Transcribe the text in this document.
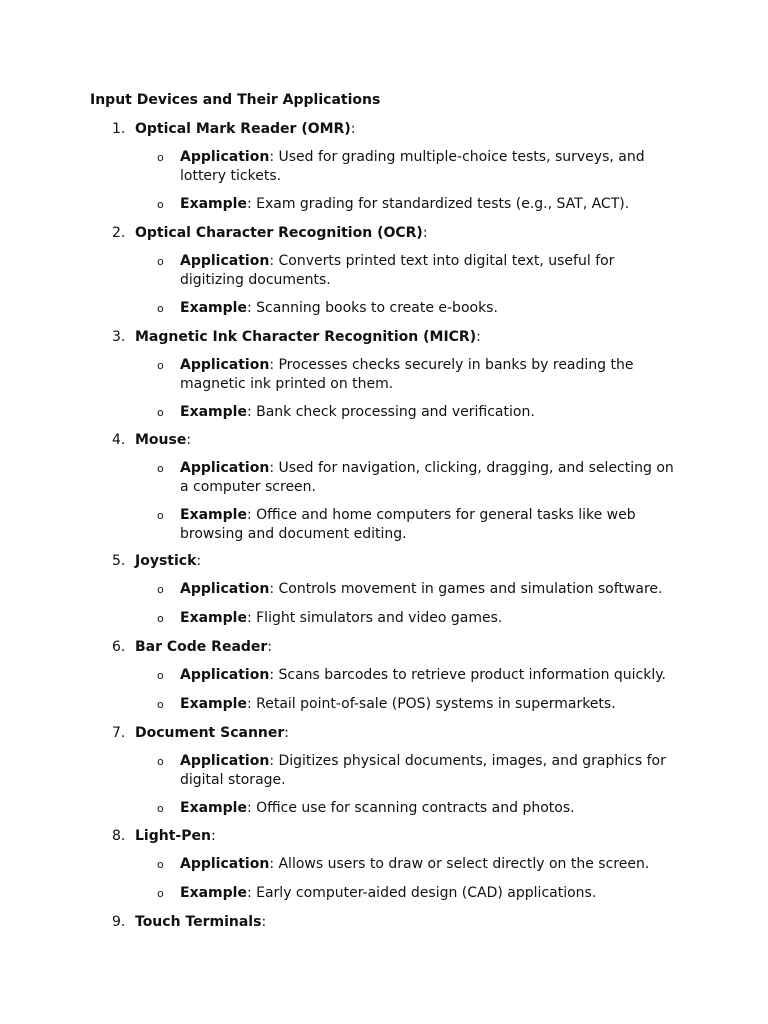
Input Devices and Their Applications
1. Optical Mark Reader (OMR):
o Application: Used for grading multiple-choice tests, surveys, and lottery tickets.
o Example: Exam grading for standardized tests (e.g., SAT, ACT).
2. Optical Character Recognition (OCR):
o Application: Converts printed text into digital text, useful for digitizing documents.
o Example: Scanning books to create e-books.
3. Magnetic Ink Character Recognition (MICR):
o Application: Processes checks securely in banks by reading the magnetic ink printed on them.
o Example: Bank check processing and verification.
4. Mouse:
o Application: Used for navigation, clicking, dragging, and selecting on a computer screen.
o Example: Office and home computers for general tasks like web browsing and document editing.
5. Joystick:
o Application: Controls movement in games and simulation software.
o Example: Flight simulators and video games.
6. Bar Code Reader:
o Application: Scans barcodes to retrieve product information quickly.
o Example: Retail point-of-sale (POS) systems in supermarkets.
7. Document Scanner:
o Application: Digitizes physical documents, images, and graphics for digital storage.
o Example: Office use for scanning contracts and photos.
8. Light-Pen:
o Application: Allows users to draw or select directly on the screen.
o Example: Early computer-aided design (CAD) applications.
9. Touch Terminals:
